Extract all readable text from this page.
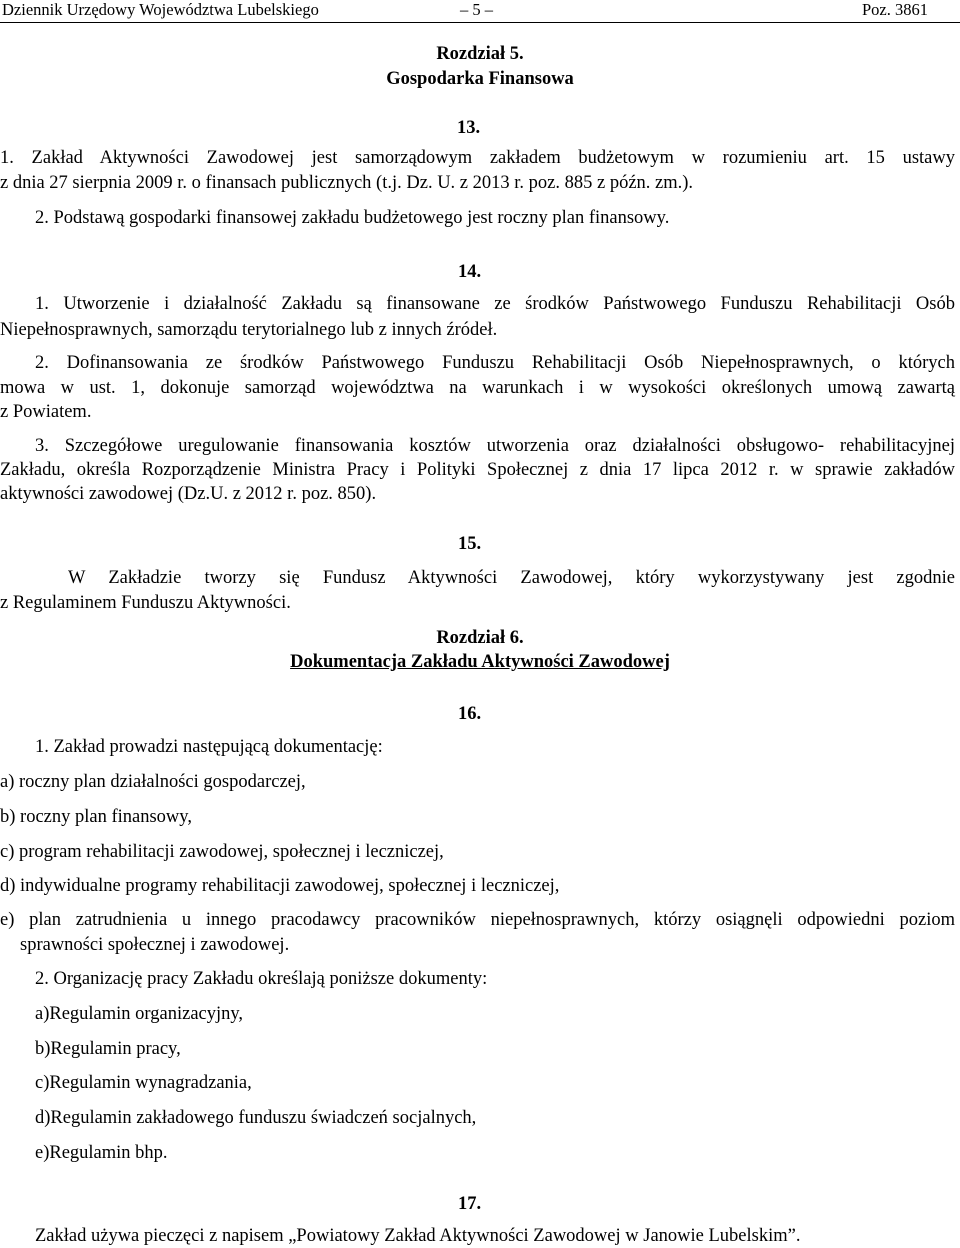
Dziennik Urzędowy Województwa Lubelskiego	– 5 –	Poz. 3861
Rozdział 5.
Gospodarka Finansowa
13.
1. Zakład Aktywności Zawodowej jest samorządowym zakładem budżetowym w rozumieniu art. 15 ustawy
z dnia 27 sierpnia 2009 r. o finansach publicznych (t.j. Dz. U. z 2013 r. poz. 885 z późn. zm.).
2. Podstawą gospodarki finansowej zakładu budżetowego jest roczny plan finansowy.
14.
1. Utworzenie i działalność Zakładu są finansowane ze środków Państwowego Funduszu Rehabilitacji Osób
Niepełnosprawnych, samorządu terytorialnego lub z innych źródeł.
2. Dofinansowania ze środków Państwowego Funduszu Rehabilitacji Osób Niepełnosprawnych, o których
mowa w ust. 1, dokonuje samorząd województwa na warunkach i w wysokości określonych umową zawartą
z Powiatem.
3. Szczegółowe uregulowanie finansowania kosztów utworzenia oraz działalności obsługowo- rehabilitacyjnej
Zakładu, określa Rozporządzenie Ministra Pracy i Polityki Społecznej z dnia 17 lipca 2012 r. w sprawie zakładów
aktywności zawodowej (Dz.U. z 2012 r. poz. 850).
15.
W Zakładzie tworzy się Fundusz Aktywności Zawodowej, który wykorzystywany jest zgodnie
z Regulaminem Funduszu Aktywności.
Rozdział 6.
Dokumentacja Zakładu Aktywności Zawodowej
16.
1. Zakład prowadzi następującą dokumentację:
a) roczny plan działalności gospodarczej,
b) roczny plan finansowy,
c) program rehabilitacji zawodowej, społecznej i leczniczej,
d) indywidualne programy rehabilitacji zawodowej, społecznej i leczniczej,
e) plan zatrudnienia u innego pracodawcy pracowników niepełnosprawnych, którzy osiągnęli odpowiedni poziom
sprawności społecznej i zawodowej.
2. Organizację pracy Zakładu określają poniższe dokumenty:
a)Regulamin organizacyjny,
b)Regulamin pracy,
c)Regulamin wynagradzania,
d)Regulamin zakładowego funduszu świadczeń socjalnych,
e)Regulamin bhp.
17.
Zakład używa pieczęci z napisem „Powiatowy Zakład Aktywności Zawodowej w Janowie Lubelskim”.
